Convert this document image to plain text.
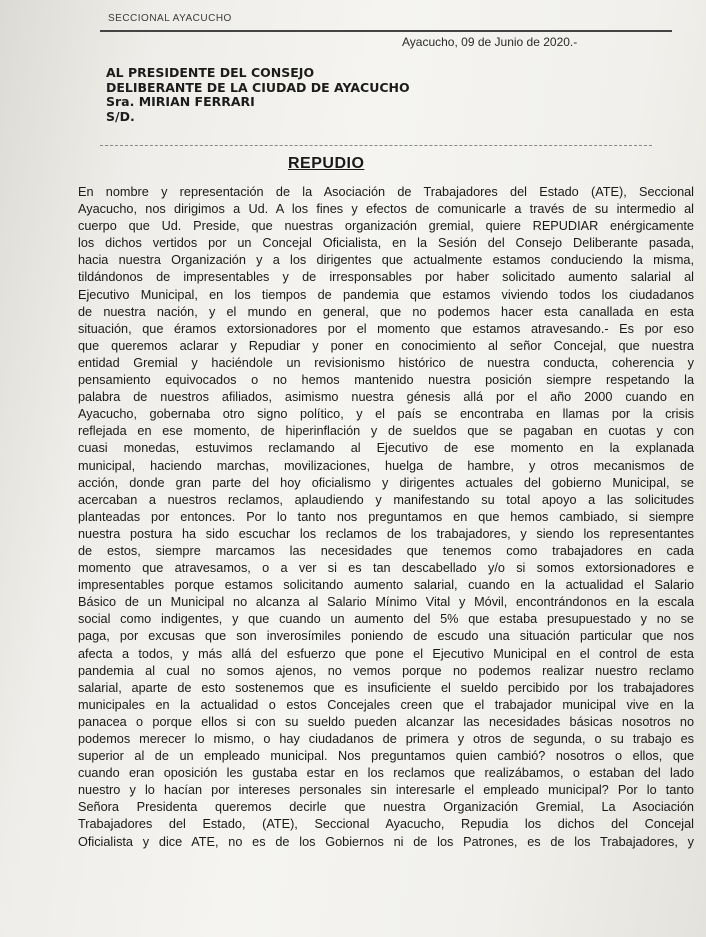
SECCIONAL AYACUCHO
Ayacucho, 09 de Junio de 2020.-
AL PRESIDENTE DEL CONSEJO
DELIBERANTE DE LA CIUDAD DE AYACUCHO
Sra. MIRIAN FERRARI
S/D.
REPUDIO
En nombre y representación de la Asociación de Trabajadores del Estado (ATE), Seccional
Ayacucho, nos dirigimos a Ud. A los fines y efectos de comunicarle a través de su intermedio al
cuerpo que Ud. Preside, que nuestras organización gremial, quiere REPUDIAR enérgicamente
los dichos vertidos por un Concejal Oficialista, en la Sesión del Consejo Deliberante pasada,
hacia nuestra Organización y a los dirigentes que actualmente estamos conduciendo la misma,
tildándonos de impresentables y de irresponsables por haber solicitado aumento salarial al
Ejecutivo Municipal, en los tiempos de pandemia que estamos viviendo todos los ciudadanos
de nuestra nación, y el mundo en general, que no podemos hacer esta canallada en esta
situación, que éramos extorsionadores por el momento que estamos atravesando.- Es por eso
que queremos aclarar y Repudiar y poner en conocimiento al señor Concejal, que nuestra
entidad Gremial y haciéndole un revisionismo histórico de nuestra conducta, coherencia y
pensamiento equivocados o no hemos mantenido nuestra posición siempre respetando la
palabra de nuestros afiliados, asimismo nuestra génesis allá por el año 2000 cuando en
Ayacucho, gobernaba otro signo político, y el país se encontraba en llamas por la crisis
reflejada en ese momento, de hiperinflación y de sueldos que se pagaban en cuotas y con
cuasi monedas, estuvimos reclamando al Ejecutivo de ese momento en la explanada
municipal, haciendo marchas, movilizaciones, huelga de hambre, y otros mecanismos de
acción, donde gran parte del hoy oficialismo y dirigentes actuales del gobierno Municipal, se
acercaban a nuestros reclamos, aplaudiendo y manifestando su total apoyo a las solicitudes
planteadas por entonces. Por lo tanto nos preguntamos en que hemos cambiado, si siempre
nuestra postura ha sido escuchar los reclamos de los trabajadores, y siendo los representantes
de estos, siempre marcamos las necesidades que tenemos como trabajadores en cada
momento que atravesamos, o a ver si es tan descabellado y/o si somos extorsionadores e
impresentables porque estamos solicitando aumento salarial, cuando en la actualidad el Salario
Básico de un Municipal no alcanza al Salario Mínimo Vital y Móvil, encontrándonos en la escala
social como indigentes, y que cuando un aumento del 5% que estaba presupuestado y no se
paga, por excusas que son inverosímiles poniendo de escudo una situación particular que nos
afecta a todos, y más allá del esfuerzo que pone el Ejecutivo Municipal en el control de esta
pandemia al cual no somos ajenos, no vemos porque no podemos realizar nuestro reclamo
salarial, aparte de esto sostenemos que es insuficiente el sueldo percibido por los trabajadores
municipales en la actualidad o estos Concejales creen que el trabajador municipal vive en la
panacea o porque ellos si con su sueldo pueden alcanzar las necesidades básicas nosotros no
podemos merecer lo mismo, o hay ciudadanos de primera y otros de segunda, o su trabajo es
superior al de un empleado municipal. Nos preguntamos quien cambió? nosotros o ellos, que
cuando eran oposición les gustaba estar en los reclamos que realizábamos, o estaban del lado
nuestro y lo hacían por intereses personales sin interesarle el empleado municipal? Por lo tanto
Señora Presidenta queremos decirle que nuestra Organización Gremial, La Asociación
Trabajadores del Estado, (ATE), Seccional Ayacucho, Repudia los dichos del Concejal
Oficialista y dice ATE, no es de los Gobiernos ni de los Patrones, es de los Trabajadores, y
